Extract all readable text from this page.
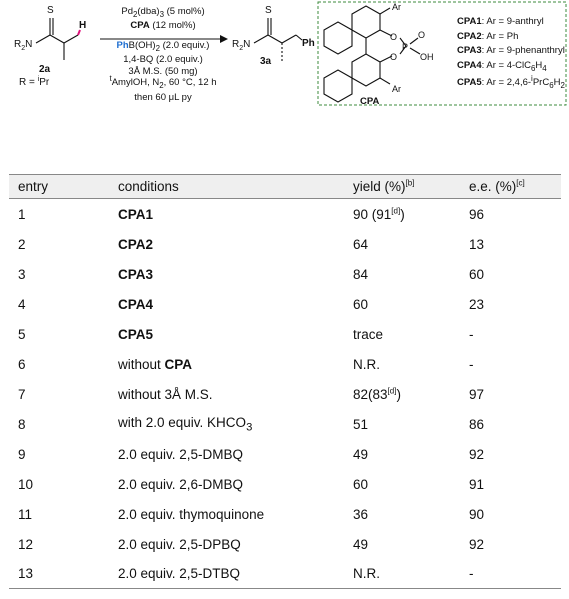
S
$R_2N$
H
2a
R = $^i$Pr
S
$R_2N$	Ph
3a
Ar
O
P
O
O	OH
Ar
CPA
$Pd_2(dba)_3$ (5 mol%)
CPA (12 mol%)
$PhB(OH)_2$ (2.0 equiv.)
1,4-BQ (2.0 equiv.)
3Å M.S. (50 mg)
$^t$AmylOH, $N_2$, 60 °C, 12 h
then 60 μL py
CPA1: Ar = 9-anthryl
CPA2: Ar = Ph
CPA3: Ar = 9-phenanthryl
CPA4: $Ar = 4-ClC_6H_4$
CPA5: $Ar = 2,4,6-^iPrC_6H_2$
entry	conditions	yield (%)[b]	e.e. (%)[c]
1	CPA1	90 (91[d])	96
2	CPA2	64	13
3	CPA3	84	60
4	CPA4	60	23
5	CPA5	trace	-
6	without CPA	N.R.	-
7	without 3Å M.S.	82(83[d])	97
8	with 2.0 equiv. $KHCO_3$	51	86
9	2.0 equiv. 2,5-DMBQ	49	92
10	2.0 equiv. 2,6-DMBQ	60	91
11	2.0 equiv. thymoquinone	36	90
12	2.0 equiv. 2,5-DPBQ	49	92
13	2.0 equiv. 2,5-DTBQ	N.R.	-
